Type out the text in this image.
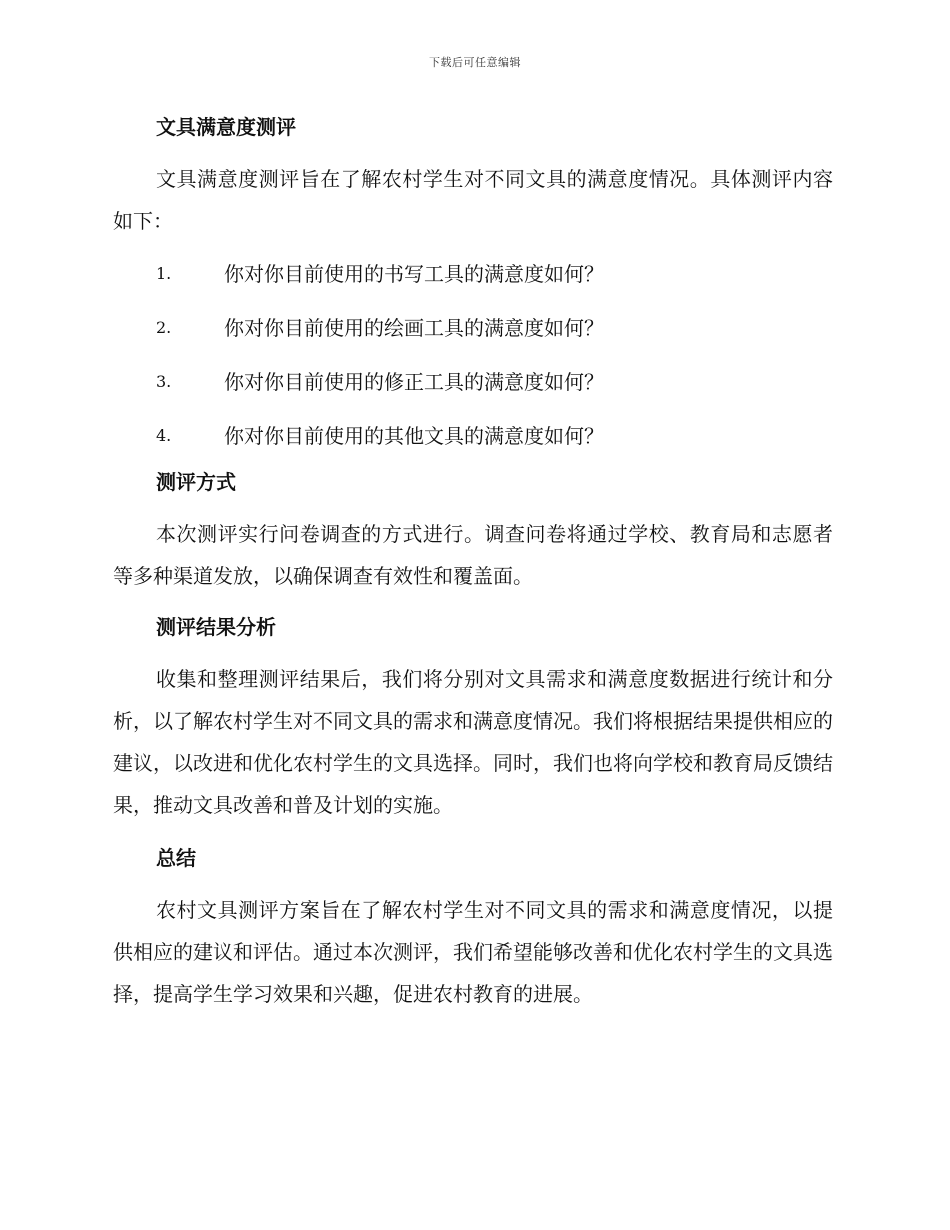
下载后可任意编辑
文具满意度测评

文具满意度测评旨在了解农村学生对不同文具的满意度情况。具体测评内容如下：

1.	你对你目前使用的书写工具的满意度如何？
2.	你对你目前使用的绘画工具的满意度如何？
3.	你对你目前使用的修正工具的满意度如何？
4.	你对你目前使用的其他文具的满意度如何？
测评方式

本次测评实行问卷调查的方式进行。调查问卷将通过学校、教育局和志愿者等多种渠道发放，以确保调查有效性和覆盖面。

测评结果分析

收集和整理测评结果后，我们将分别对文具需求和满意度数据进行统计和分析，以了解农村学生对不同文具的需求和满意度情况。我们将根据结果提供相应的建议，以改进和优化农村学生的文具选择。同时，我们也将向学校和教育局反馈结果，推动文具改善和普及计划的实施。

总结

农村文具测评方案旨在了解农村学生对不同文具的需求和满意度情况，以提供相应的建议和评估。通过本次测评，我们希望能够改善和优化农村学生的文具选择，提高学生学习效果和兴趣，促进农村教育的进展。
